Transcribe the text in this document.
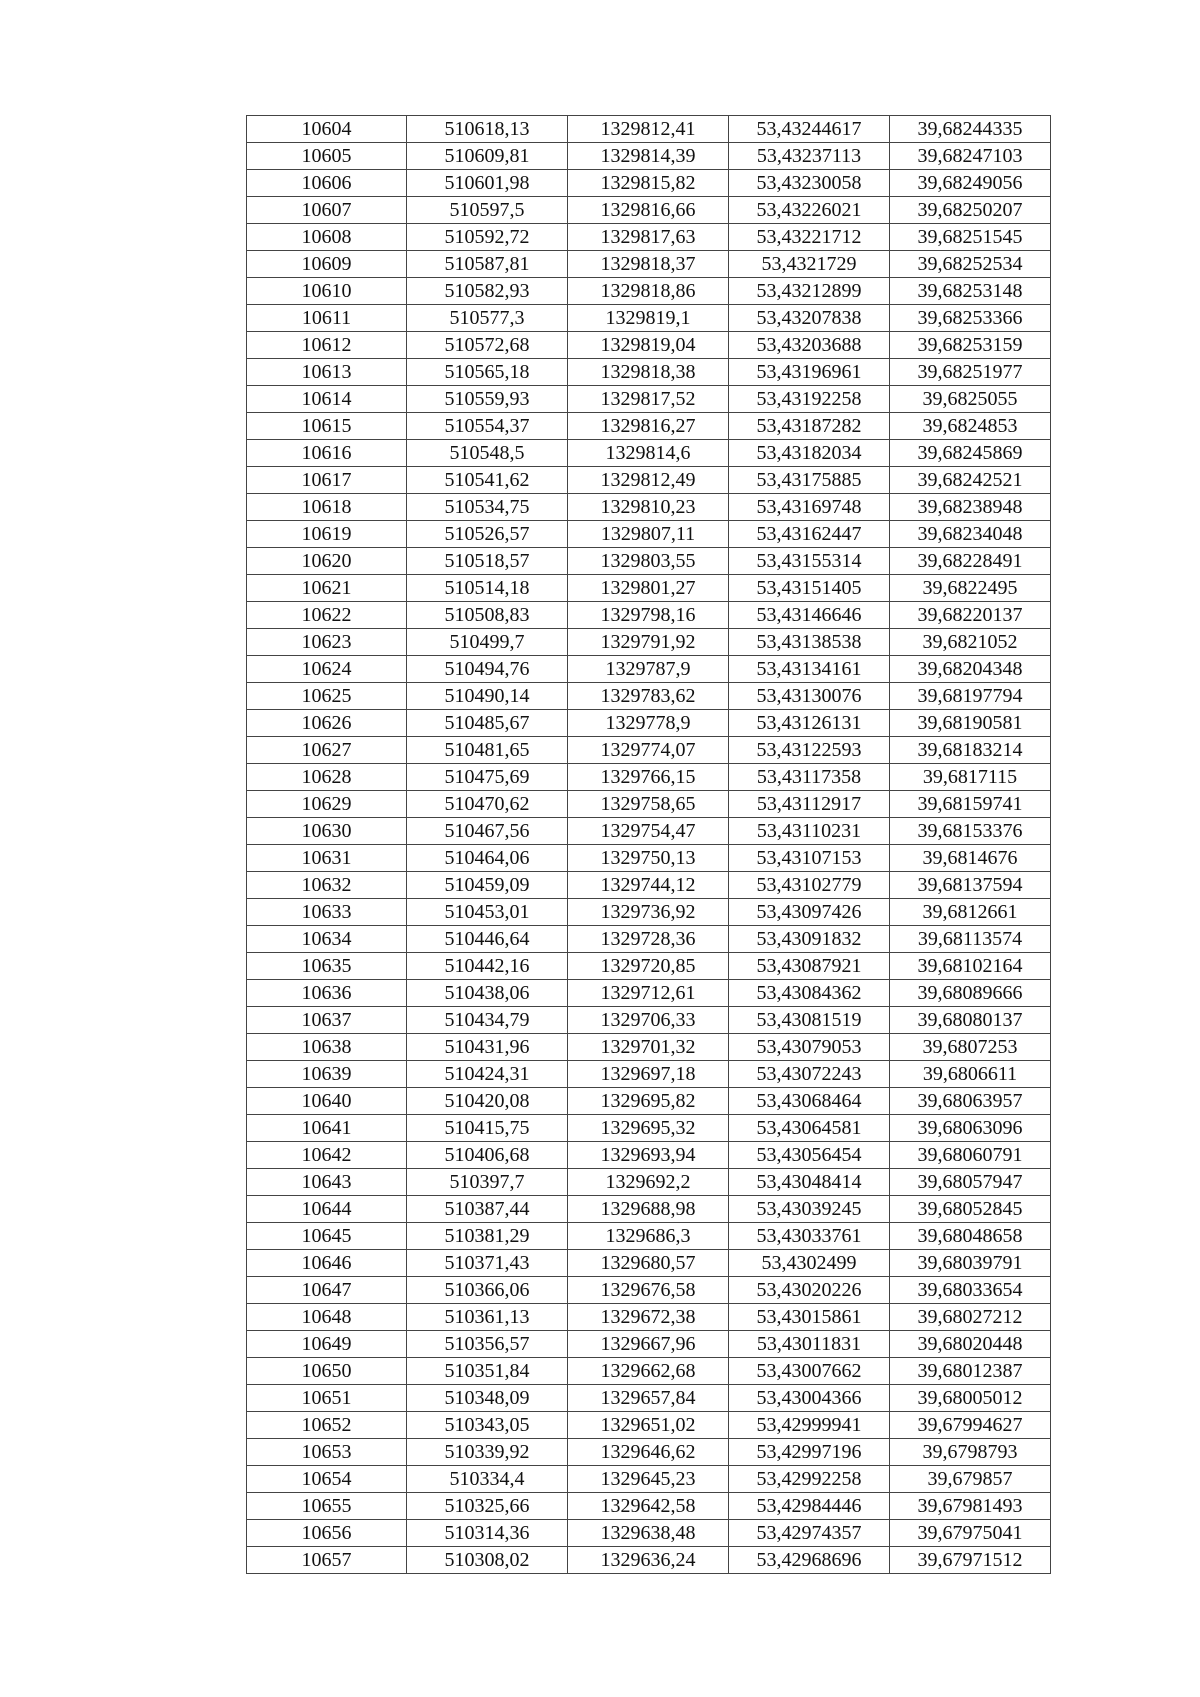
10604	510618,13	1329812,41	53,43244617	39,68244335
10605	510609,81	1329814,39	53,43237113	39,68247103
10606	510601,98	1329815,82	53,43230058	39,68249056
10607	510597,5	1329816,66	53,43226021	39,68250207
10608	510592,72	1329817,63	53,43221712	39,68251545
10609	510587,81	1329818,37	53,4321729	39,68252534
10610	510582,93	1329818,86	53,43212899	39,68253148
10611	510577,3	1329819,1	53,43207838	39,68253366
10612	510572,68	1329819,04	53,43203688	39,68253159
10613	510565,18	1329818,38	53,43196961	39,68251977
10614	510559,93	1329817,52	53,43192258	39,6825055
10615	510554,37	1329816,27	53,43187282	39,6824853
10616	510548,5	1329814,6	53,43182034	39,68245869
10617	510541,62	1329812,49	53,43175885	39,68242521
10618	510534,75	1329810,23	53,43169748	39,68238948
10619	510526,57	1329807,11	53,43162447	39,68234048
10620	510518,57	1329803,55	53,43155314	39,68228491
10621	510514,18	1329801,27	53,43151405	39,6822495
10622	510508,83	1329798,16	53,43146646	39,68220137
10623	510499,7	1329791,92	53,43138538	39,6821052
10624	510494,76	1329787,9	53,43134161	39,68204348
10625	510490,14	1329783,62	53,43130076	39,68197794
10626	510485,67	1329778,9	53,43126131	39,68190581
10627	510481,65	1329774,07	53,43122593	39,68183214
10628	510475,69	1329766,15	53,43117358	39,6817115
10629	510470,62	1329758,65	53,43112917	39,68159741
10630	510467,56	1329754,47	53,43110231	39,68153376
10631	510464,06	1329750,13	53,43107153	39,6814676
10632	510459,09	1329744,12	53,43102779	39,68137594
10633	510453,01	1329736,92	53,43097426	39,6812661
10634	510446,64	1329728,36	53,43091832	39,68113574
10635	510442,16	1329720,85	53,43087921	39,68102164
10636	510438,06	1329712,61	53,43084362	39,68089666
10637	510434,79	1329706,33	53,43081519	39,68080137
10638	510431,96	1329701,32	53,43079053	39,6807253
10639	510424,31	1329697,18	53,43072243	39,6806611
10640	510420,08	1329695,82	53,43068464	39,68063957
10641	510415,75	1329695,32	53,43064581	39,68063096
10642	510406,68	1329693,94	53,43056454	39,68060791
10643	510397,7	1329692,2	53,43048414	39,68057947
10644	510387,44	1329688,98	53,43039245	39,68052845
10645	510381,29	1329686,3	53,43033761	39,68048658
10646	510371,43	1329680,57	53,4302499	39,68039791
10647	510366,06	1329676,58	53,43020226	39,68033654
10648	510361,13	1329672,38	53,43015861	39,68027212
10649	510356,57	1329667,96	53,43011831	39,68020448
10650	510351,84	1329662,68	53,43007662	39,68012387
10651	510348,09	1329657,84	53,43004366	39,68005012
10652	510343,05	1329651,02	53,42999941	39,67994627
10653	510339,92	1329646,62	53,42997196	39,6798793
10654	510334,4	1329645,23	53,42992258	39,679857
10655	510325,66	1329642,58	53,42984446	39,67981493
10656	510314,36	1329638,48	53,42974357	39,67975041
10657	510308,02	1329636,24	53,42968696	39,67971512
